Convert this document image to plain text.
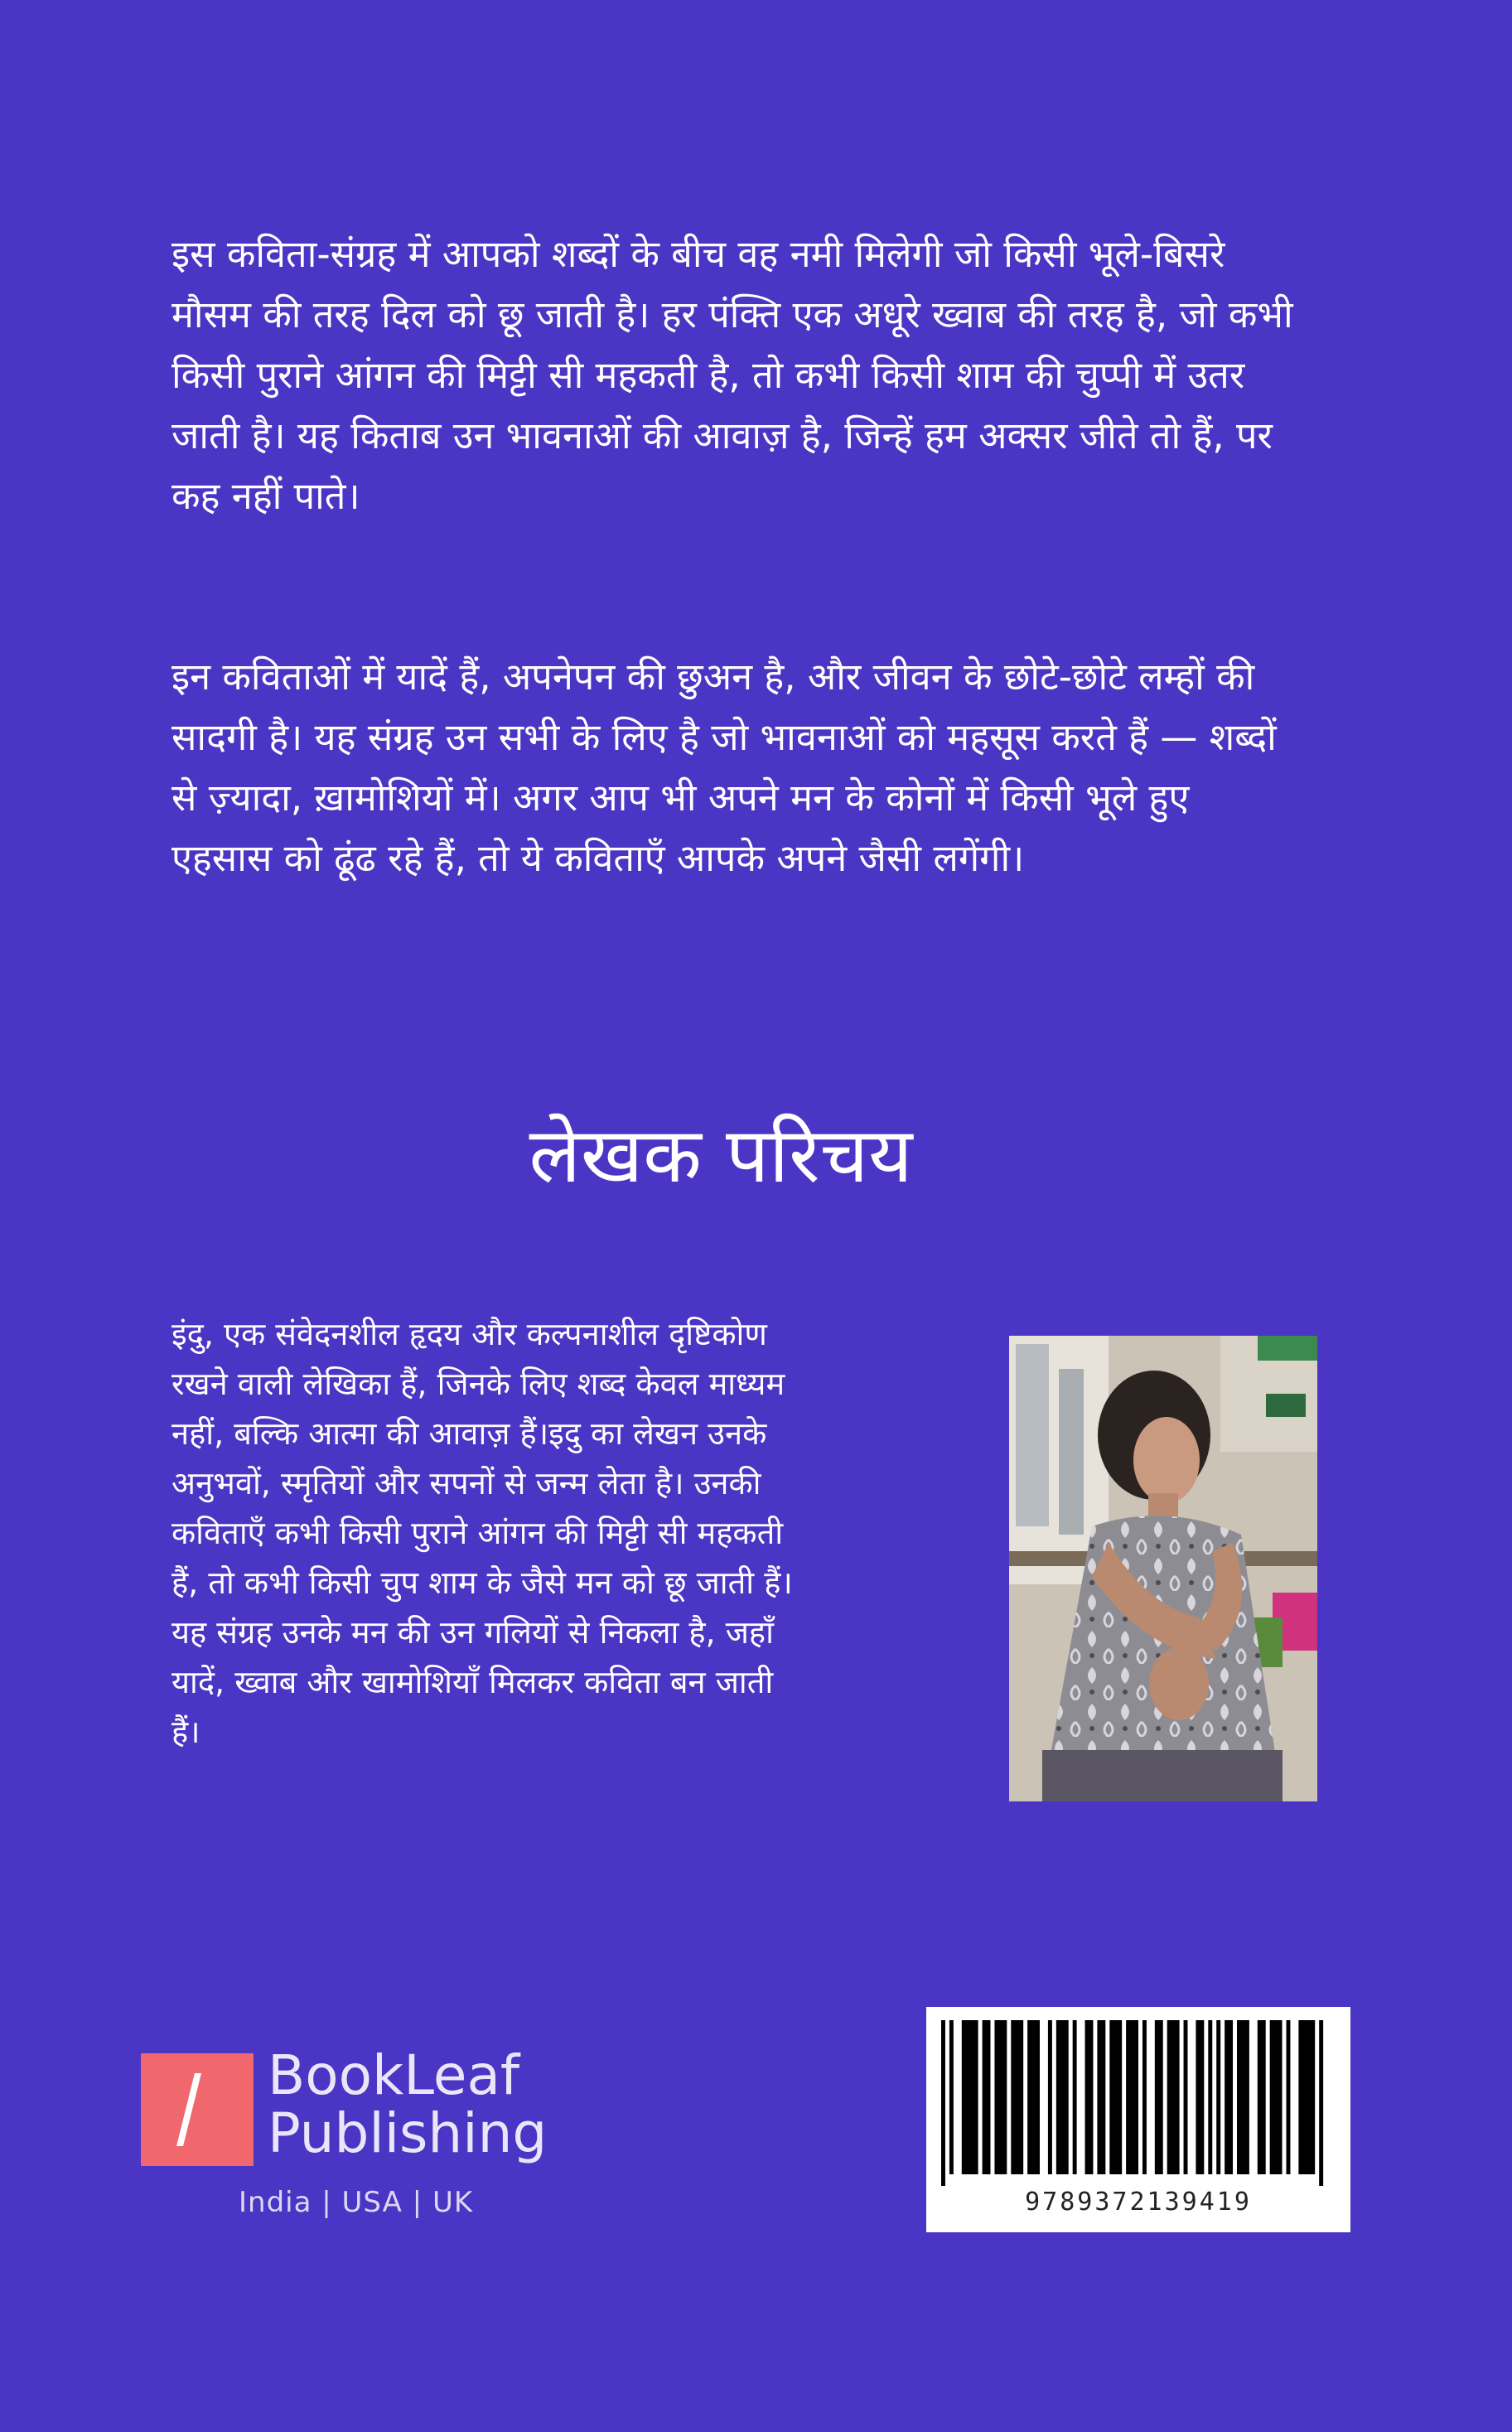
इस कविता-संग्रह में आपको शब्दों के बीच वह नमी मिलेगी जो किसी भूले-बिसरे मौसम की तरह दिल को छू जाती है। हर पंक्ति एक अधूरे ख्वाब की तरह है, जो कभी किसी पुराने आंगन की मिट्टी सी महकती है, तो कभी किसी शाम की चुप्पी में उतर जाती है। यह किताब उन भावनाओं की आवाज़ है, जिन्हें हम अक्सर जीते तो हैं, पर कह नहीं पाते।

इन कविताओं में यादें हैं, अपनेपन की छुअन है, और जीवन के छोटे-छोटे लम्हों की सादगी है। यह संग्रह उन सभी के लिए है जो भावनाओं को महसूस करते हैं — शब्दों से ज़्यादा, ख़ामोशियों में। अगर आप भी अपने मन के कोनों में किसी भूले हुए एहसास को ढूंढ रहे हैं, तो ये कविताएँ आपके अपने जैसी लगेंगी।

लेखक परिचय

इंदु, एक संवेदनशील हृदय और कल्पनाशील दृष्टिकोण रखने वाली लेखिका हैं, जिनके लिए शब्द केवल माध्यम नहीं, बल्कि आत्मा की आवाज़ हैं।इदु का लेखन उनके अनुभवों, स्मृतियों और सपनों से जन्म लेता है। उनकी कविताएँ कभी किसी पुराने आंगन की मिट्टी सी महकती हैं, तो कभी किसी चुप शाम के जैसे मन को छू जाती हैं।
यह संग्रह उनके मन की उन गलियों से निकला है, जहाँ यादें, ख्वाब और खामोशियाँ मिलकर कविता बन जाती हैं।

BookLeaf
Publishing
India | USA | UK	9789372139419
